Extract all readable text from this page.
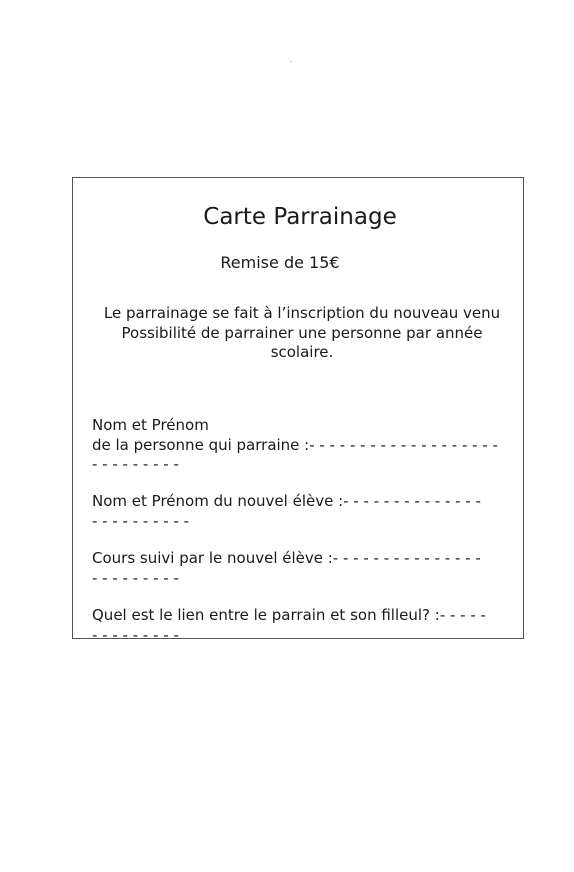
.
Carte Parrainage
Remise de 15€
Le parrainage se fait à l’inscription du nouveau venu
Possibilité de parrainer une personne par année
scolaire.
Nom et Prénom
de la personne qui parraine :- - - - - - - - - - - - - - - - - - -
- - - - - - - - -
Nom et Prénom du nouvel élève :- - - - - - - - - - - - - -
- - - - - - - - - -
Cours suivi par le nouvel élève :- - - - - - - - - - - - - - -
- - - - - - - - -
Quel est le lien entre le parrain et son filleul? :- - - - -
- - - - - - - - -
